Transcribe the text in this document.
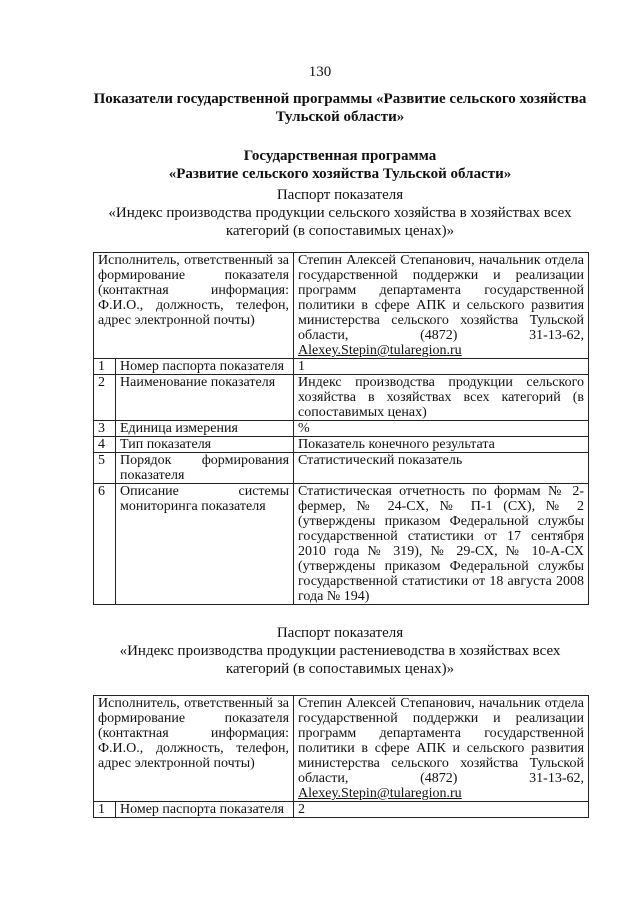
130
Показатели государственной программы «Развитие сельского хозяйства
Тульской области»
Государственная программа
«Развитие сельского хозяйства Тульской области»
Паспорт показателя
«Индекс производства продукции сельского хозяйства в хозяйствах всех
категорий (в сопоставимых ценах)»
Исполнитель, ответственный за формирование показателя (контактная информация: Ф.И.О., должность, телефон, адрес электронной почты)		Степин Алексей Степанович, начальник отдела государственной поддержки и реализации программ департамента государственной политики в сфере АПК и сельского развития министерства сельского хозяйства Тульской области, (4872) 31-13-62, Alexey.Stepin@tularegion.ru
1	Номер паспорта показателя	1
2	Наименование показателя	Индекс производства продукции сельского хозяйства в хозяйствах всех категорий (в сопоставимых ценах)
3	Единица измерения	%
4	Тип показателя	Показатель конечного результата
5	Порядок формирования показателя	Статистический показатель
6	Описание системы мониторинга показателя	Статистическая отчетность по формам № 2-фермер, № 24-СХ, № П-1 (СХ), № 2 (утверждены приказом Федеральной службы государственной статистики от 17 сентября 2010 года № 319), № 29-СХ, № 10-А-СХ (утверждены приказом Федеральной службы государственной статистики от 18 августа 2008 года № 194)
Паспорт показателя
«Индекс производства продукции растениеводства в хозяйствах всех
категорий (в сопоставимых ценах)»
Исполнитель, ответственный за формирование показателя (контактная информация: Ф.И.О., должность, телефон, адрес электронной почты)		Степин Алексей Степанович, начальник отдела государственной поддержки и реализации программ департамента государственной политики в сфере АПК и сельского развития министерства сельского хозяйства Тульской области, (4872) 31-13-62, Alexey.Stepin@tularegion.ru
1	Номер паспорта показателя	2
